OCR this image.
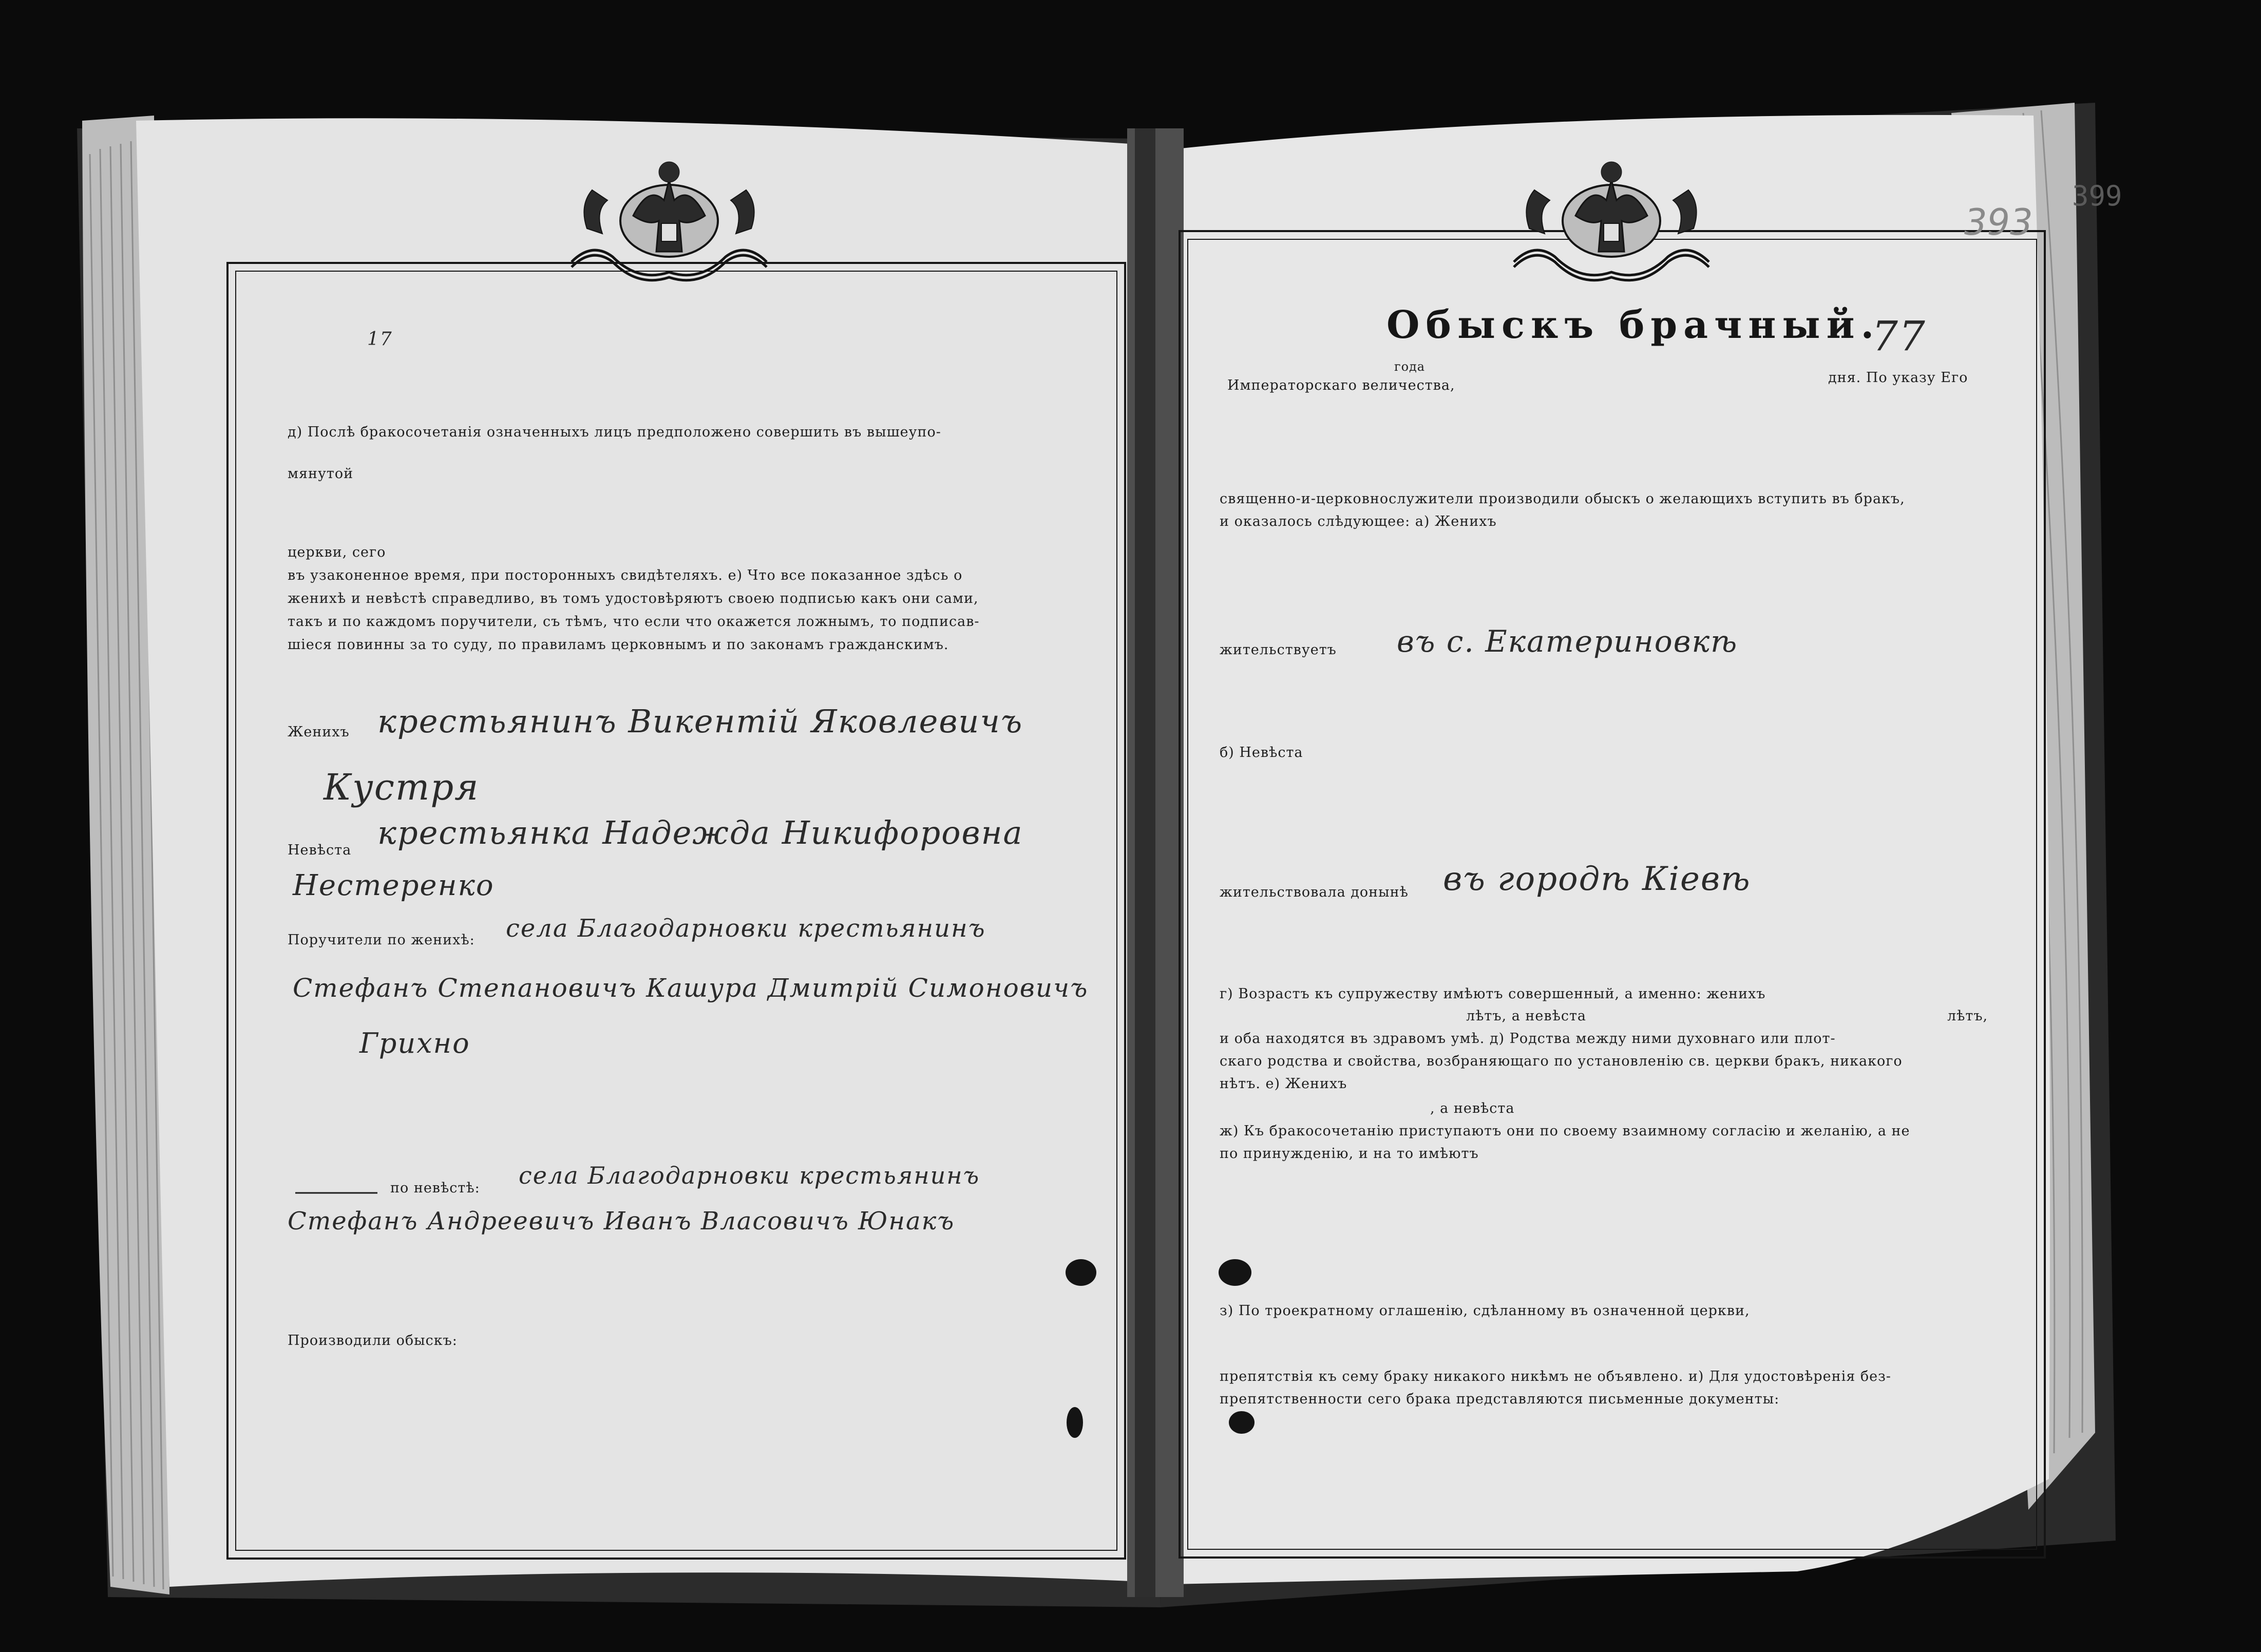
д) Послѣ бракосочетанія означенныхъ лицъ предположено совершить въ вышеупо-
мянутой
церкви, сего
въ узаконенное время, при посторонныхъ свидѣтеляхъ. е) Что все показанное здѣсь о
женихѣ и невѣстѣ справедливо, въ томъ удостовѣряютъ своею подписью какъ они сами,
такъ и по каждомъ поручители, съ тѣмъ, что если что окажется ложнымъ, то подписав-
шіеся повинны за то суду, по правиламъ церковнымъ и по законамъ гражданскимъ.
17
Женихъ крестьянинъ Викентій Яковлевичъ
Кустря
Невѣста крестьянка Надежда Никифоровна
Нестеренко
Поручители по женихѣ: села Благодарновки крестьянинъ
Стефанъ Степановичъ Кашура Дмитрій Симоновичъ
Грихно
по невѣстѣ: села Благодарновки крестьянинъ
Стефанъ Андреевичъ Иванъ Власовичъ Юнакъ
Производили обыскъ:
Обыскъ брачный.
77
399
393
года
Императорскаго величества,	дня. По указу Его
священно-и-церковнослужители производили обыскъ о желающихъ вступить въ бракъ,
и оказалось слѣдующее: а) Женихъ
жительствуетъ въ с. Екатериновкѣ
б) Невѣста
жительствовала донынѣ въ городѣ Кіевѣ
г) Возрастъ къ супружеству имѣютъ совершенный, а именно: женихъ
лѣтъ, а невѣста	лѣтъ,
и оба находятся въ здравомъ умѣ. д) Родства между ними духовнаго или плот-
скаго родства и свойства, возбраняющаго по установленію св. церкви бракъ, никакого
нѣтъ. е) Женихъ
, а невѣста
ж) Къ бракосочетанію приступаютъ они по своему взаимному согласію и желанію, а не
по принужденію, и на то имѣютъ
з) По троекратному оглашенію, сдѣланному въ означенной церкви,
препятствія къ сему браку никакого никѣмъ не объявлено. и) Для удостовѣренія без-
препятственности сего брака представляются письменные документы:
